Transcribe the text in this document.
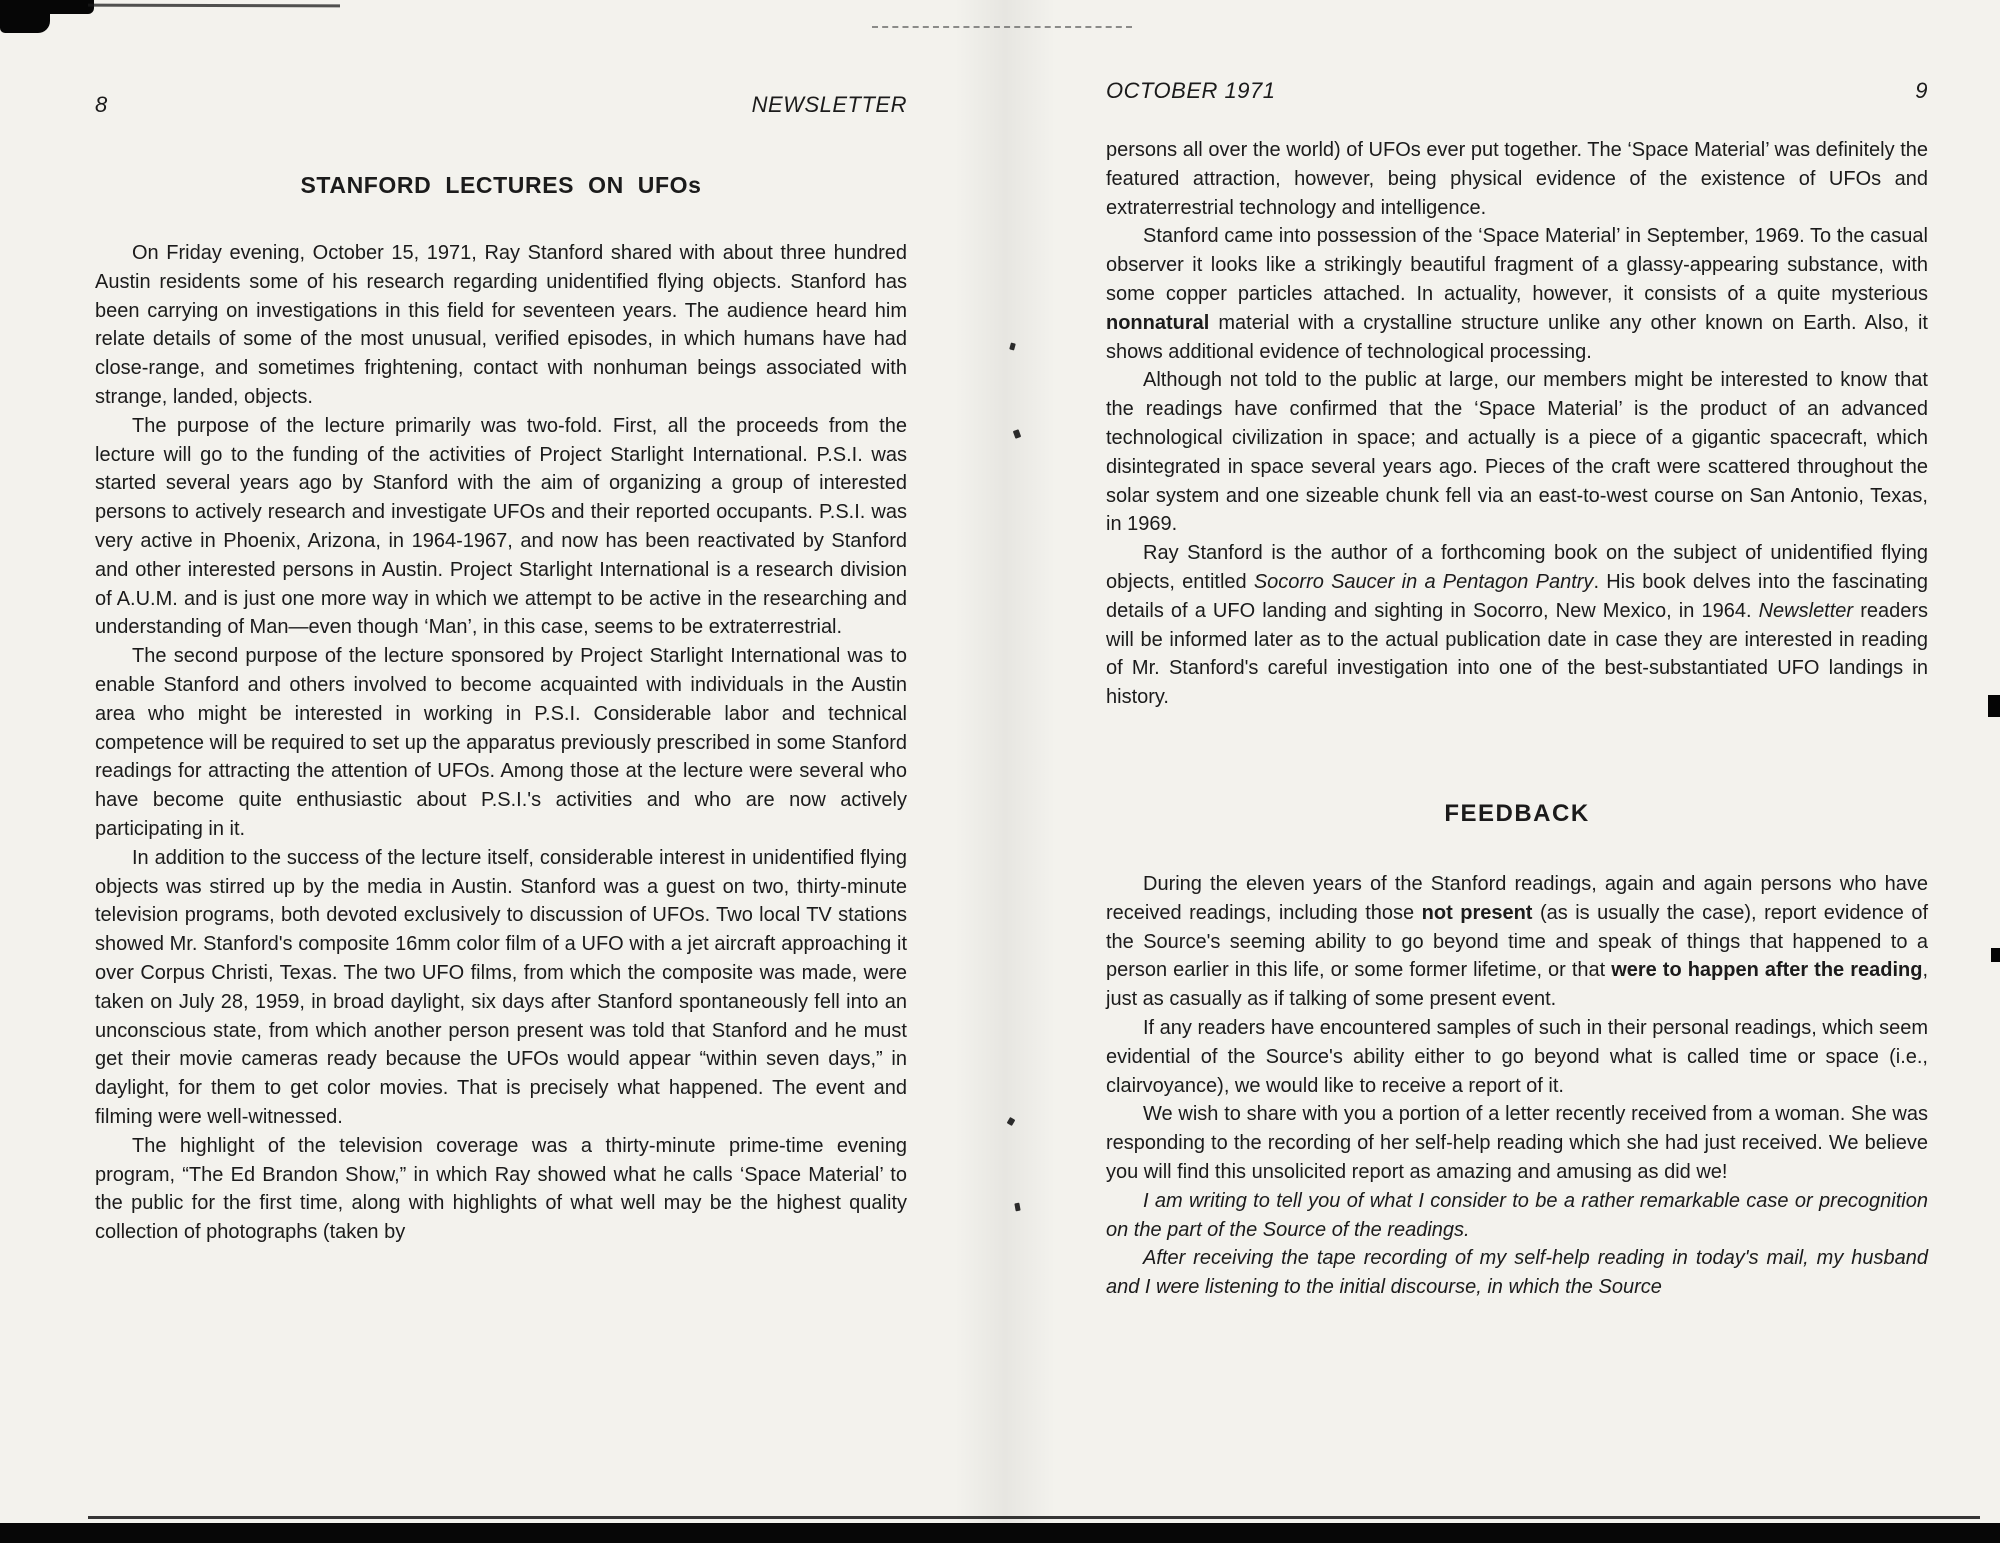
8	NEWSLETTER
STANFORD LECTURES ON UFOs

On Friday evening, October 15, 1971, Ray Stanford shared with about three hundred Austin residents some of his research regarding unidentified flying objects. Stanford has been carrying on investigations in this field for seventeen years. The audience heard him relate details of some of the most unusual, verified episodes, in which humans have had close-range, and sometimes frightening, contact with nonhuman beings associated with strange, landed, objects.

The purpose of the lecture primarily was two-fold. First, all the proceeds from the lecture will go to the funding of the activities of Project Starlight International. P.S.I. was started several years ago by Stanford with the aim of organizing a group of interested persons to actively research and investigate UFOs and their reported occupants. P.S.I. was very active in Phoenix, Arizona, in 1964-1967, and now has been reactivated by Stanford and other interested persons in Austin. Project Starlight International is a research division of A.U.M. and is just one more way in which we attempt to be active in the researching and understanding of Man—even though ‘Man’, in this case, seems to be extraterrestrial.

The second purpose of the lecture sponsored by Project Starlight International was to enable Stanford and others involved to become acquainted with individuals in the Austin area who might be interested in working in P.S.I. Considerable labor and technical competence will be required to set up the apparatus previously prescribed in some Stanford readings for attracting the attention of UFOs. Among those at the lecture were several who have become quite enthusiastic about P.S.I.'s activities and who are now actively participating in it.

In addition to the success of the lecture itself, considerable interest in unidentified flying objects was stirred up by the media in Austin. Stanford was a guest on two, thirty-minute television programs, both devoted exclusively to discussion of UFOs. Two local TV stations showed Mr. Stanford's composite 16mm color film of a UFO with a jet aircraft approaching it over Corpus Christi, Texas. The two UFO films, from which the composite was made, were taken on July 28, 1959, in broad daylight, six days after Stanford spontaneously fell into an unconscious state, from which another person present was told that Stanford and he must get their movie cameras ready because the UFOs would appear “within seven days,” in daylight, for them to get color movies. That is precisely what happened. The event and filming were well-witnessed.

The highlight of the television coverage was a thirty-minute prime-time evening program, “The Ed Brandon Show,” in which Ray showed what he calls ‘Space Material’ to the public for the first time, along with highlights of what well may be the highest quality collection of photographs (taken by

OCTOBER 1971	9

persons all over the world) of UFOs ever put together. The ‘Space Material’ was definitely the featured attraction, however, being physical evidence of the existence of UFOs and extraterrestrial technology and intelligence.

Stanford came into possession of the ‘Space Material’ in September, 1969. To the casual observer it looks like a strikingly beautiful fragment of a glassy-appearing substance, with some copper particles attached. In actuality, however, it consists of a quite mysterious nonnatural material with a crystalline structure unlike any other known on Earth. Also, it shows additional evidence of technological processing.

Although not told to the public at large, our members might be interested to know that the readings have confirmed that the ‘Space Material’ is the product of an advanced technological civilization in space; and actually is a piece of a gigantic spacecraft, which disintegrated in space several years ago. Pieces of the craft were scattered throughout the solar system and one sizeable chunk fell via an east-to-west course on San Antonio, Texas, in 1969.

Ray Stanford is the author of a forthcoming book on the subject of unidentified flying objects, entitled Socorro Saucer in a Pentagon Pantry. His book delves into the fascinating details of a UFO landing and sighting in Socorro, New Mexico, in 1964. Newsletter readers will be informed later as to the actual publication date in case they are interested in reading of Mr. Stanford's careful investigation into one of the best-substantiated UFO landings in history.

FEEDBACK

During the eleven years of the Stanford readings, again and again persons who have received readings, including those not present (as is usually the case), report evidence of the Source's seeming ability to go beyond time and speak of things that happened to a person earlier in this life, or some former lifetime, or that were to happen after the reading, just as casually as if talking of some present event.

If any readers have encountered samples of such in their personal readings, which seem evidential of the Source's ability either to go beyond what is called time or space (i.e., clairvoyance), we would like to receive a report of it.

We wish to share with you a portion of a letter recently received from a woman. She was responding to the recording of her self-help reading which she had just received. We believe you will find this unsolicited report as amazing and amusing as did we!

I am writing to tell you of what I consider to be a rather remarkable case or precognition on the part of the Source of the readings.

After receiving the tape recording of my self-help reading in today's mail, my husband and I were listening to the initial discourse, in which the Source
